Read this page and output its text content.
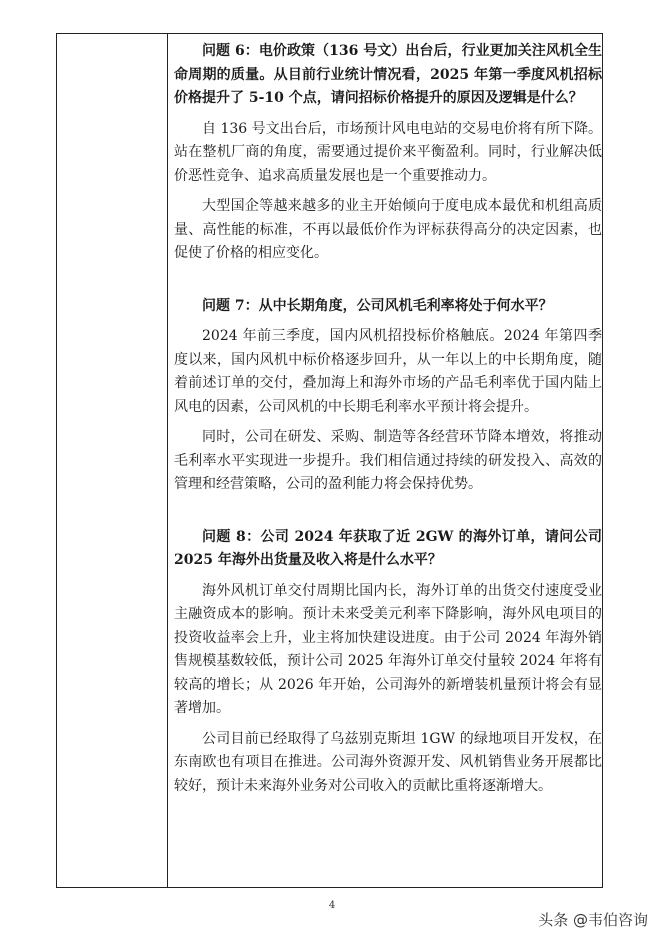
问题 6：电价政策（136 号文）出台后，行业更加关注风机全生命周期的质量。从目前行业统计情况看，2025 年第一季度风机招标价格提升了 5-10 个点，请问招标价格提升的原因及逻辑是什么？

自 136 号文出台后，市场预计风电电站的交易电价将有所下降。站在整机厂商的角度，需要通过提价来平衡盈利。同时，行业解决低价恶性竞争、追求高质量发展也是一个重要推动力。

大型国企等越来越多的业主开始倾向于度电成本最优和机组高质量、高性能的标准，不再以最低价作为评标获得高分的决定因素，也促使了价格的相应变化。

问题 7：从中长期角度，公司风机毛利率将处于何水平？

2024 年前三季度，国内风机招投标价格触底。2024 年第四季度以来，国内风机中标价格逐步回升，从一年以上的中长期角度，随着前述订单的交付，叠加海上和海外市场的产品毛利率优于国内陆上风电的因素，公司风机的中长期毛利率水平预计将会提升。

同时，公司在研发、采购、制造等各经营环节降本增效，将推动毛利率水平实现进一步提升。我们相信通过持续的研发投入、高效的管理和经营策略，公司的盈利能力将会保持优势。

问题 8：公司 2024 年获取了近 2GW 的海外订单，请问公司 2025 年海外出货量及收入将是什么水平？

海外风机订单交付周期比国内长，海外订单的出货交付速度受业主融资成本的影响。预计未来受美元利率下降影响，海外风电项目的投资收益率会上升，业主将加快建设进度。由于公司 2024 年海外销售规模基数较低，预计公司 2025 年海外订单交付量较 2024 年将有较高的增长；从 2026 年开始，公司海外的新增装机量预计将会有显著增加。

公司目前已经取得了乌兹别克斯坦 1GW 的绿地项目开发权，在东南欧也有项目在推进。公司海外资源开发、风机销售业务开展都比较好，预计未来海外业务对公司收入的贡献比重将逐渐增大。

4
头条 @韦伯咨询
